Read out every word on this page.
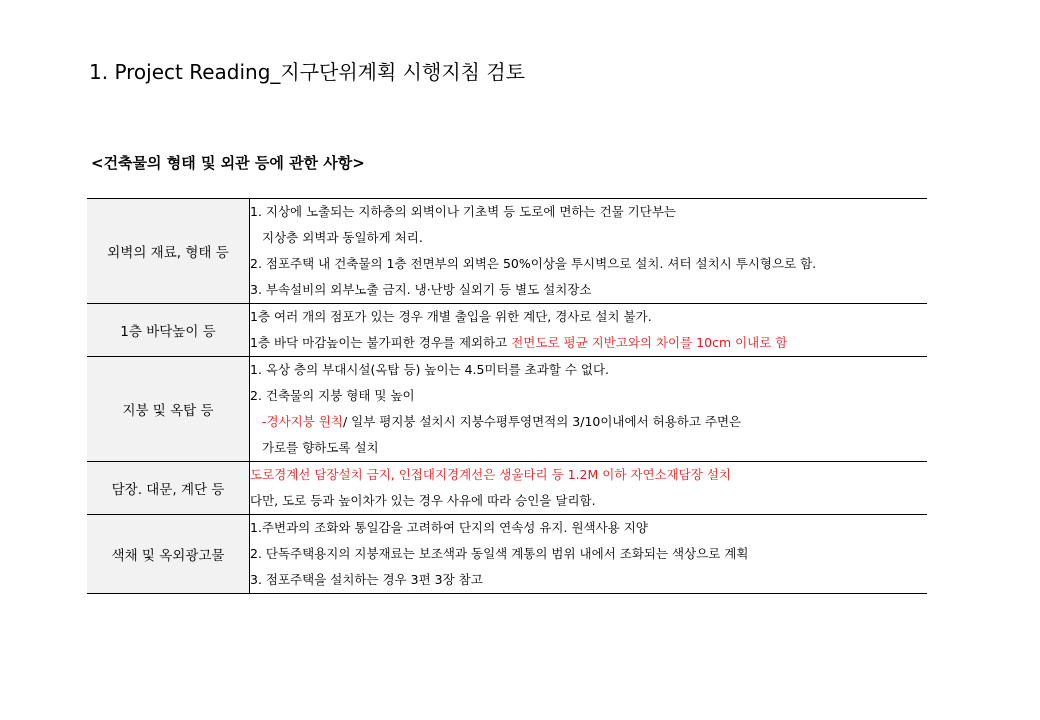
1. Project Reading_지구단위계획 시행지침 검토
<건축물의 형태 및 외관 등에 관한 사항>
외벽의 재료, 형태 등	1. 지상에 노출되는 지하층의 외벽이나 기초벽 등 도로에 면하는 건물 기단부는
지상층 외벽과 동일하게 처리.
2. 점포주택 내 건축물의 1층 전면부의 외벽은 50%이상을 투시벽으로 설치. 셔터 설치시 투시형으로 함.
3. 부속설비의 외부노출 금지. 냉·난방 실외기 등 별도 설치장소

1층 바닥높이 등	1층 여러 개의 점포가 있는 경우 개별 출입을 위한 계단, 경사로 설치 불가.
1층 바닥 마감높이는 불가피한 경우를 제외하고 전면도로 평균 지반고와의 차이를 10cm 이내로 함

지붕 및 옥탑 등	1. 옥상 층의 부대시설(옥탑 등) 높이는 4.5미터를 초과할 수 없다.
2. 건축물의 지붕 형태 및 높이
-경사지붕 원칙/ 일부 평지붕 설치시 지붕수평투영면적의 3/10이내에서 허용하고 주면은
가로를 향하도록 설치

담장. 대문, 계단 등	도로경계선 담장설치 금지, 인접대지경계선은 생울타리 등 1.2M 이하 자연소재담장 설치
다만, 도로 등과 높이차가 있는 경우 사유에 따라 승인을 달리함.

색채 및 옥외광고물	1.주변과의 조화와 통일감을 고려하여 단지의 연속성 유지. 원색사용 지양
2. 단독주택용지의 지붕재료는 보조색과 동일색 계통의 범위 내에서 조화되는 색상으로 계획
3. 점포주택을 설치하는 경우 3편 3장 참고
